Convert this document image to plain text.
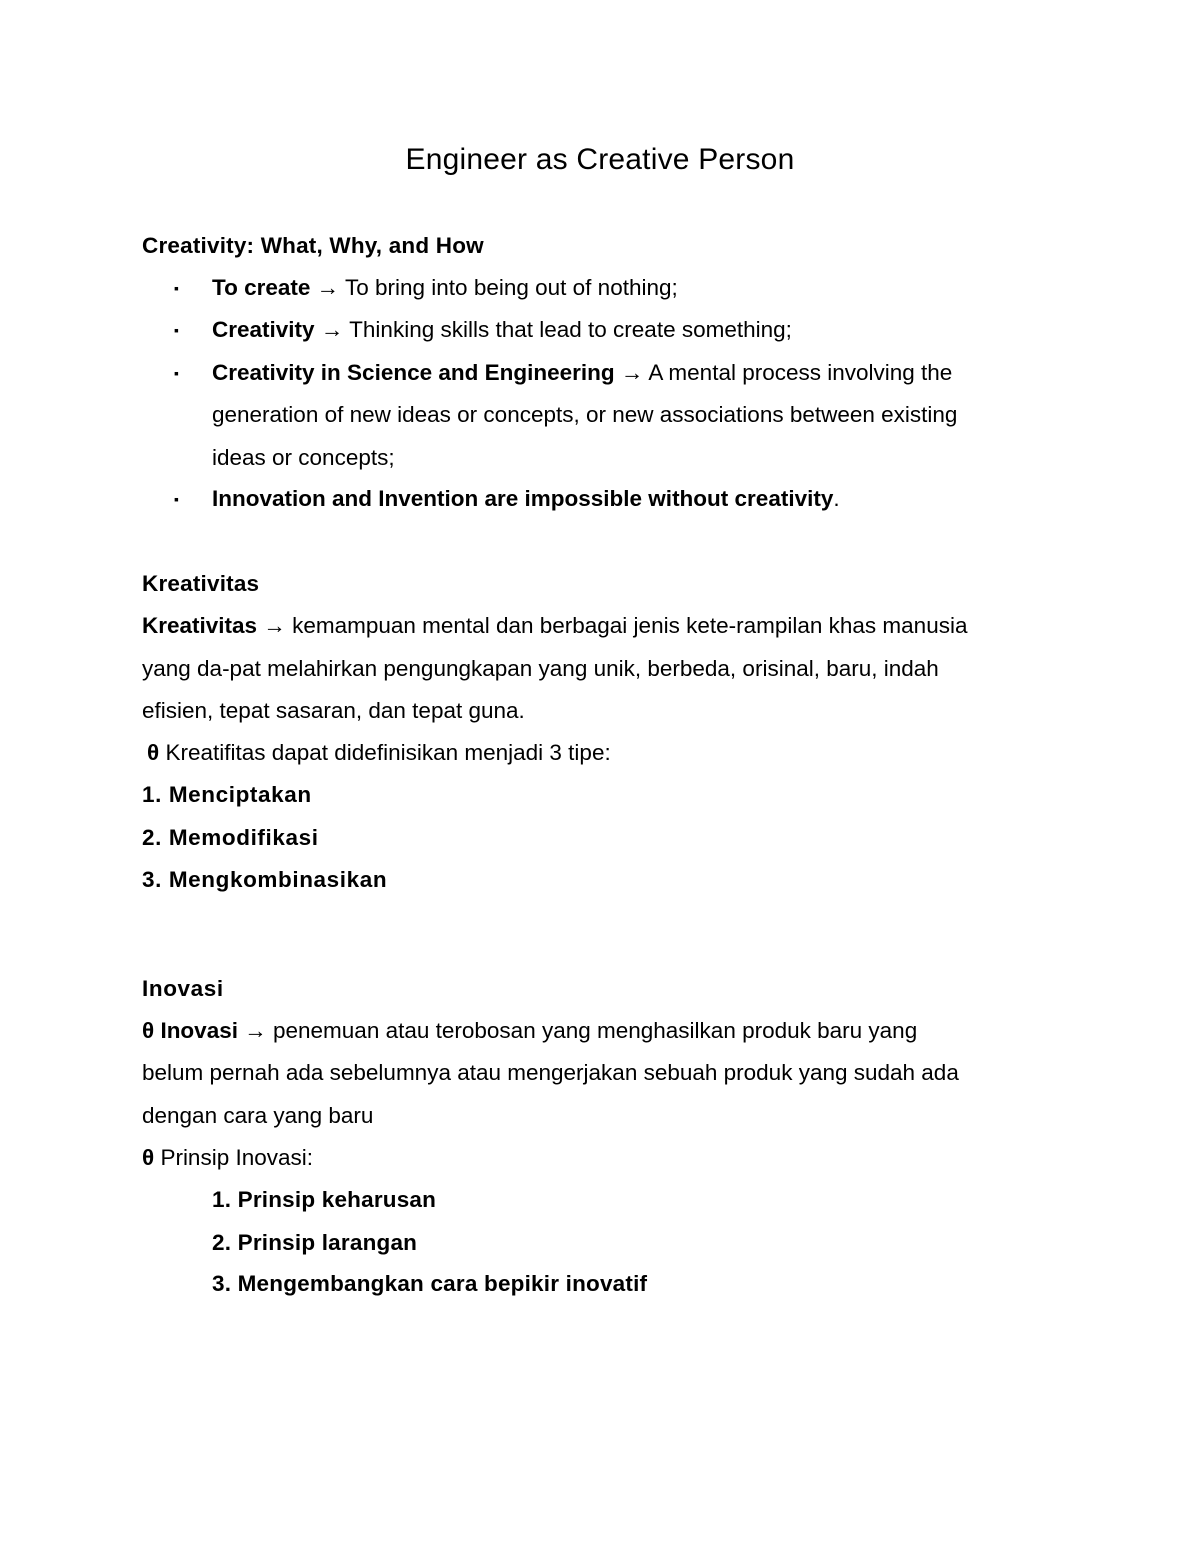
Engineer as Creative Person
Creativity: What, Why, and How
▪	To create → To bring into being out of nothing;
▪	Creativity → Thinking skills that lead to create something;
▪	Creativity in Science and Engineering → A mental process involving the
generation of new ideas or concepts, or new associations between existing
ideas or concepts;
▪	Innovation and Invention are impossible without creativity.
Kreativitas
Kreativitas → kemampuan mental dan berbagai jenis kete-rampilan khas manusia
yang da-pat melahirkan pengungkapan yang unik, berbeda, orisinal, baru, indah
efisien, tepat sasaran, dan tepat guna.
θ Kreatifitas dapat didefinisikan menjadi 3 tipe:
1. Menciptakan
2. Memodifikasi
3. Mengkombinasikan
Inovasi
θ Inovasi → penemuan atau terobosan yang menghasilkan produk baru yang
belum pernah ada sebelumnya atau mengerjakan sebuah produk yang sudah ada
dengan cara yang baru
θ Prinsip Inovasi:
1. Prinsip keharusan
2. Prinsip larangan
3. Mengembangkan cara bepikir inovatif
